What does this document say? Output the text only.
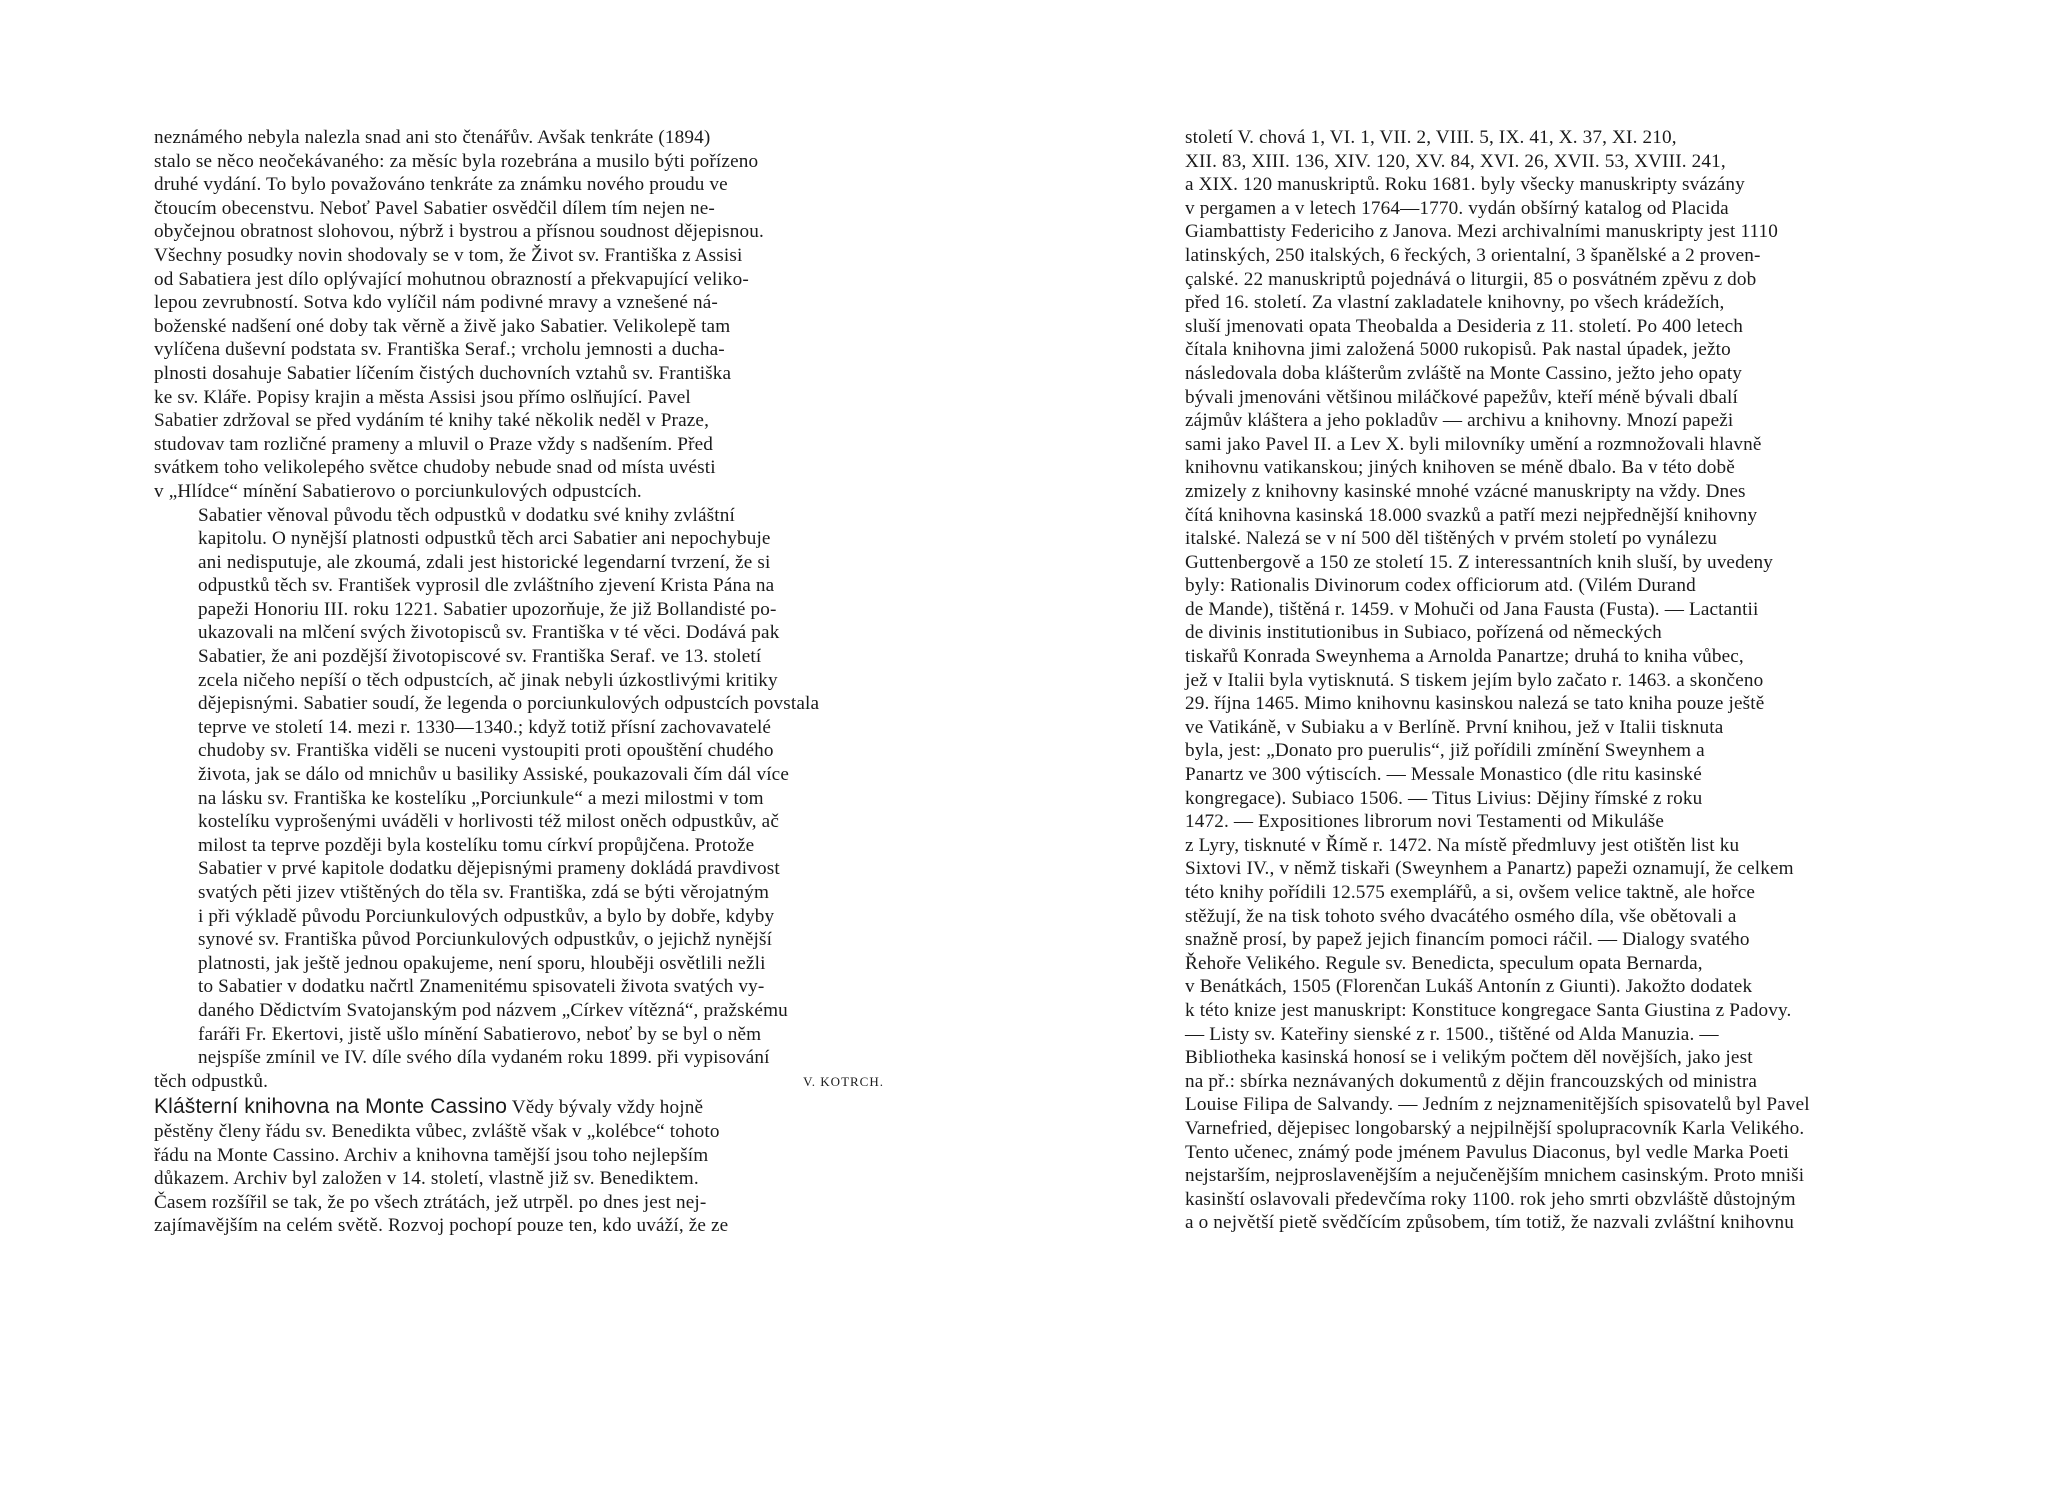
neznámého nebyla nalezla snad ani sto čtenářův. Avšak tenkráte (1894)
stalo se něco neočekávaného: za měsíc byla rozebrána a musilo býti pořízeno
druhé vydání. To bylo považováno tenkráte za známku nového proudu ve
čtoucím obecenstvu. Neboť Pavel Sabatier osvědčil dílem tím nejen ne-
obyčejnou obratnost slohovou, nýbrž i bystrou a přísnou soudnost dějepisnou.
Všechny posudky novin shodovaly se v tom, že Život sv. Františka z Assisi
od Sabatiera jest dílo oplývající mohutnou obrazností a překvapující veliko-
lepou zevrubností. Sotva kdo vylíčil nám podivné mravy a vznešené ná-
boženské nadšení oné doby tak věrně a živě jako Sabatier. Velikolepě tam
vylíčena duševní podstata sv. Františka Seraf.; vrcholu jemnosti a ducha-
plnosti dosahuje Sabatier líčením čistých duchovních vztahů sv. Františka
ke sv. Kláře. Popisy krajin a města Assisi jsou přímo oslňující. Pavel
Sabatier zdržoval se před vydáním té knihy také několik neděl v Praze,
studovav tam rozličné prameny a mluvil o Praze vždy s nadšením. Před
svátkem toho velikolepého světce chudoby nebude snad od místa uvésti
v „Hlídce“ mínění Sabatierovo o porciunkulových odpustcích.
Sabatier věnoval původu těch odpustků v dodatku své knihy zvláštní
kapitolu. O nynější platnosti odpustků těch arci Sabatier ani nepochybuje
ani nedisputuje, ale zkoumá, zdali jest historické legendarní tvrzení, že si
odpustků těch sv. František vyprosil dle zvláštního zjevení Krista Pána na
papeži Honoriu III. roku 1221. Sabatier upozorňuje, že již Bollandisté po-
ukazovali na mlčení svých životopisců sv. Františka v té věci. Dodává pak
Sabatier, že ani pozdější životopiscové sv. Františka Seraf. ve 13. století
zcela ničeho nepíší o těch odpustcích, ač jinak nebyli úzkostlivými kritiky
dějepisnými. Sabatier soudí, že legenda o porciunkulových odpustcích povstala
teprve ve století 14. mezi r. 1330—1340.; když totiž přísní zachovavatelé
chudoby sv. Františka viděli se nuceni vystoupiti proti opouštění chudého
života, jak se dálo od mnichův u basiliky Assiské, poukazovali čím dál více
na lásku sv. Františka ke kostelíku „Porciunkule“ a mezi milostmi v tom
kostelíku vyprošenými uváděli v horlivosti též milost oněch odpustkův, ač
milost ta teprve později byla kostelíku tomu církví propůjčena. Protože
Sabatier v prvé kapitole dodatku dějepisnými prameny dokládá pravdivost
svatých pěti jizev vtištěných do těla sv. Františka, zdá se býti věrojatným
i při výkladě původu Porciunkulových odpustkův, a bylo by dobře, kdyby
synové sv. Františka původ Porciunkulových odpustkův, o jejichž nynější
platnosti, jak ještě jednou opakujeme, není sporu, hlouběji osvětlili nežli
to Sabatier v dodatku načrtl Znamenitému spisovateli života svatých vy-
daného Dědictvím Svatojanským pod názvem „Církev vítězná“, pražskému
faráři Fr. Ekertovi, jistě ušlo mínění Sabatierovo, neboť by se byl o něm
nejspíše zmínil ve IV. díle svého díla vydaném roku 1899. při vypisování
těch odpustků.	V. KOTRCH.
Klášterní knihovna na Monte Cassino Vědy bývaly vždy hojně
pěstěny členy řádu sv. Benedikta vůbec, zvláště však v „kolébce“ tohoto
řádu na Monte Cassino. Archiv a knihovna tamější jsou toho nejlepším
důkazem. Archiv byl založen v 14. století, vlastně již sv. Benediktem.
Časem rozšířil se tak, že po všech ztrátách, jež utrpěl. po dnes jest nej-
zajímavějším na celém světě. Rozvoj pochopí pouze ten, kdo uváží, že ze
století V. chová 1, VI. 1, VII. 2, VIII. 5, IX. 41, X. 37, XI. 210,
XII. 83, XIII. 136, XIV. 120, XV. 84, XVI. 26, XVII. 53, XVIII. 241,
a XIX. 120 manuskriptů. Roku 1681. byly všecky manuskripty svázány
v pergamen a v letech 1764—1770. vydán obšírný katalog od Placida
Giambattisty Federiciho z Janova. Mezi archivalními manuskripty jest 1110
latinských, 250 italských, 6 řeckých, 3 orientalní, 3 španělské a 2 proven-
çalské. 22 manuskriptů pojednává o liturgii, 85 o posvátném zpěvu z dob
před 16. století. Za vlastní zakladatele knihovny, po všech krádežích,
sluší jmenovati opata Theobalda a Desideria z 11. století. Po 400 letech
čítala knihovna jimi založená 5000 rukopisů. Pak nastal úpadek, ježto
následovala doba klášterům zvláště na Monte Cassino, ježto jeho opaty
bývali jmenováni většinou miláčkové papežův, kteří méně bývali dbalí
zájmův kláštera a jeho pokladův — archivu a knihovny. Mnozí papeži
sami jako Pavel II. a Lev X. byli milovníky umění a rozmnožovali hlavně
knihovnu vatikanskou; jiných knihoven se méně dbalo. Ba v této době
zmizely z knihovny kasinské mnohé vzácné manuskripty na vždy. Dnes
čítá knihovna kasinská 18.000 svazků a patří mezi nejpřednější knihovny
italské. Nalezá se v ní 500 děl tištěných v prvém století po vynálezu
Guttenbergově a 150 ze století 15. Z interessantních knih sluší, by uvedeny
byly: Rationalis Divinorum codex officiorum atd. (Vilém Durand
de Mande), tištěná r. 1459. v Mohuči od Jana Fausta (Fusta). — Lactantii
de divinis institutionibus in Subiaco, pořízená od německých
tiskařů Konrada Sweynhema a Arnolda Panartze; druhá to kniha vůbec,
jež v Italii byla vytisknutá. S tiskem jejím bylo začato r. 1463. a skončeno
29. října 1465. Mimo knihovnu kasinskou nalezá se tato kniha pouze ještě
ve Vatikáně, v Subiaku a v Berlíně. První knihou, jež v Italii tisknuta
byla, jest: „Donato pro puerulis“, již pořídili zmínění Sweynhem a
Panartz ve 300 výtiscích. — Messale Monastico (dle ritu kasinské
kongregace). Subiaco 1506. — Titus Livius: Dějiny římské z roku
1472. — Expositiones librorum novi Testamenti od Mikuláše
z Lyry, tisknuté v Římě r. 1472. Na místě předmluvy jest otištěn list ku
Sixtovi IV., v němž tiskaři (Sweynhem a Panartz) papeži oznamují, že celkem
této knihy pořídili 12.575 exemplářů, a si, ovšem velice taktně, ale hořce
stěžují, že na tisk tohoto svého dvacátého osmého díla, vše obětovali a
snažně prosí, by papež jejich financím pomoci ráčil. — Dialogy svatého
Řehoře Velikého. Regule sv. Benedicta, speculum opata Bernarda,
v Benátkách, 1505 (Florenčan Lukáš Antonín z Giunti). Jakožto dodatek
k této knize jest manuskript: Konstituce kongregace Santa Giustina z Padovy.
— Listy sv. Kateřiny sienské z r. 1500., tištěné od Alda Manuzia. —
Bibliotheka kasinská honosí se i velikým počtem děl novějších, jako jest
na př.: sbírka neznávaných dokumentů z dějin francouzských od ministra
Louise Filipa de Salvandy. — Jedním z nejznamenitějších spisovatelů byl Pavel
Varnefried, dějepisec longobarský a nejpilnější spolupracovník Karla Velikého.
Tento učenec, známý pode jménem Pavulus Diaconus, byl vedle Marka Poeti
nejstarším, nejproslavenějším a nejučenějším mnichem casinským. Proto mniši
kasinští oslavovali předevčíma roky 1100. rok jeho smrti obzvláště důstojným
a o největší pietě svědčícím způsobem, tím totiž, že nazvali zvláštní knihovnu
